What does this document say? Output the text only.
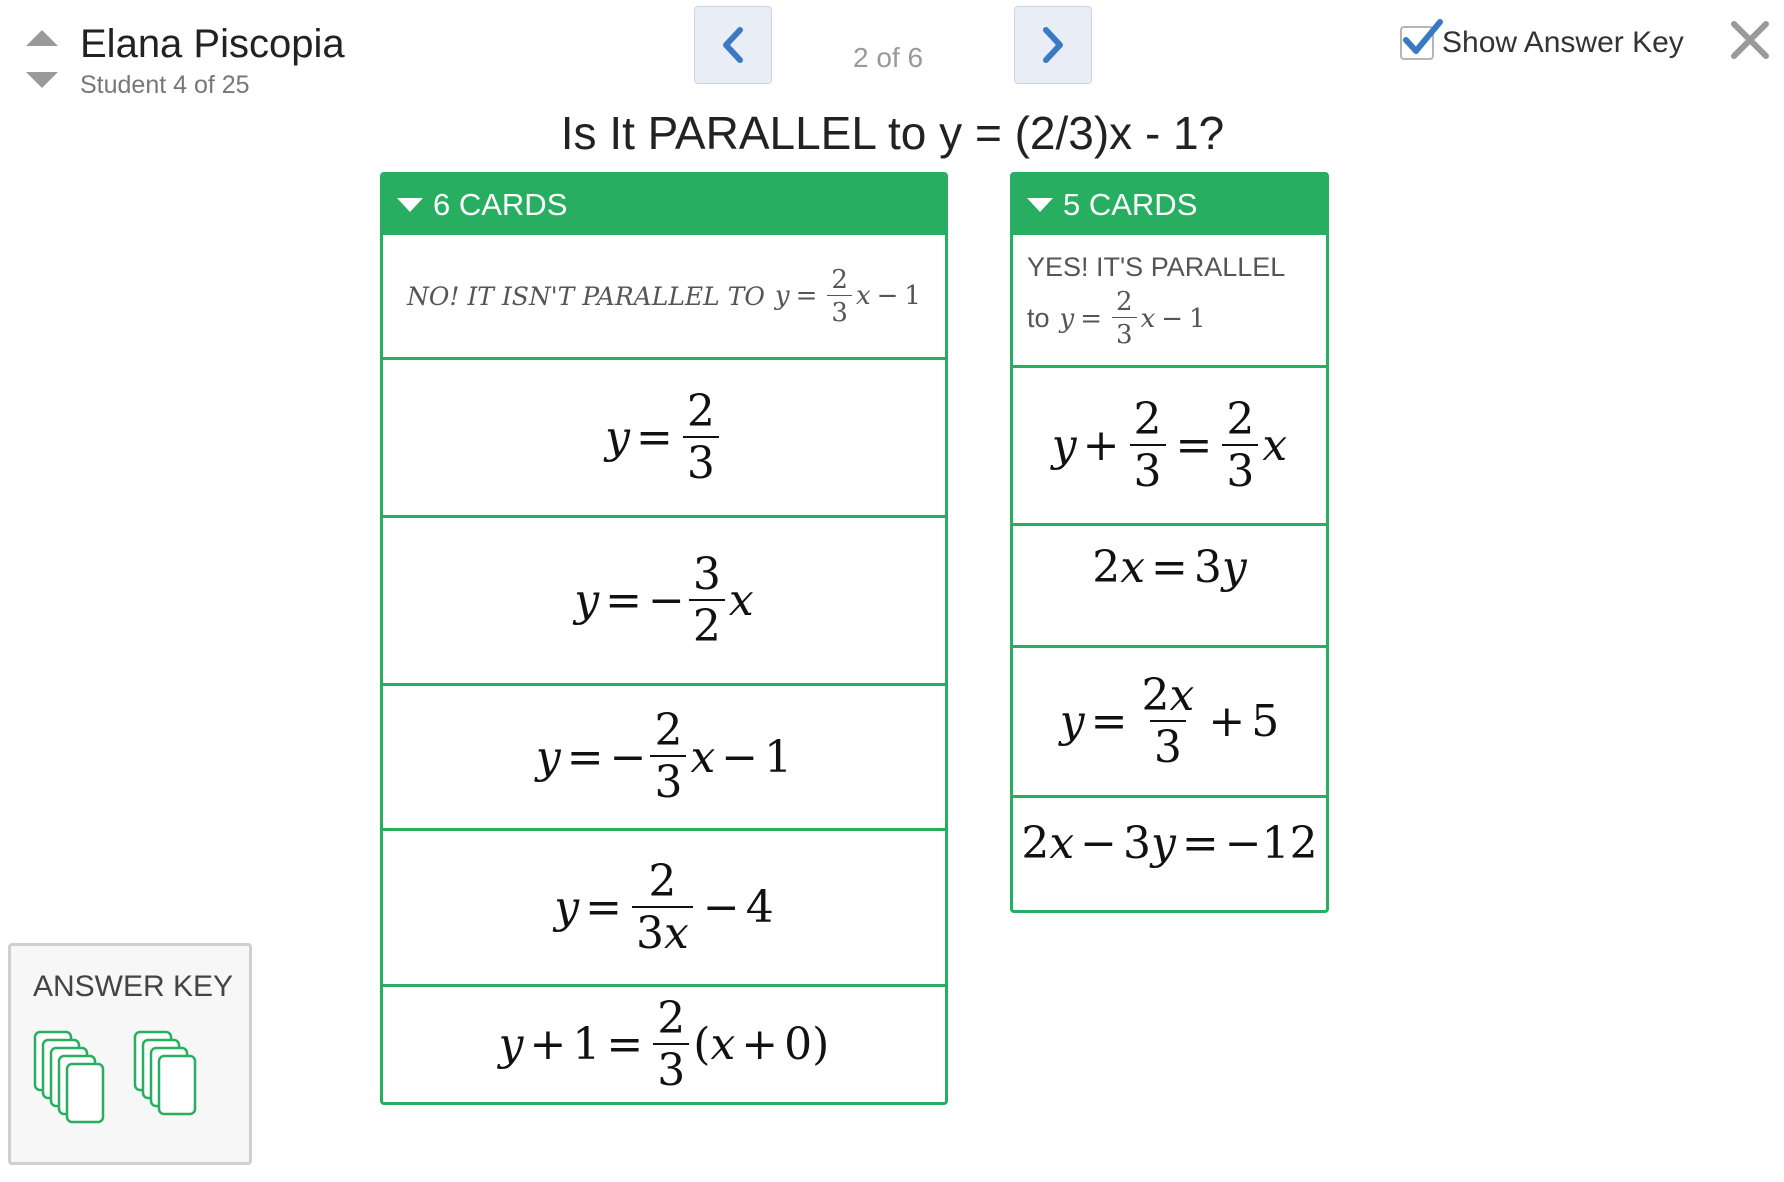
Elana Piscopia
Student 4 of 25
2 of 6	Show Answer Key
Is It PARALLEL to y = (2/3)x - 1?
6 CARDS
NO! IT ISN'T PARALLEL TO $y = \frac{2}{3}$ x − 1
$y = \frac{2}{3}$
y = − $\frac{3}{2}$ x
y = − $\frac{2}{3}$ x − 1
$y = \frac{2}{3x} - 4$
$y + 1 = \frac{2}{3}$ ( x + 0)
5 CARDS
YES! IT'S PARALLEL
to $y = \frac{2}{3}$ x − 1
$y + \frac{2}{3} = \frac{2}{3}$ x
2 x = 3 y
$y = \frac{2x}{3} + 5$
2 x − 3 y = −12
ANSWER KEY
